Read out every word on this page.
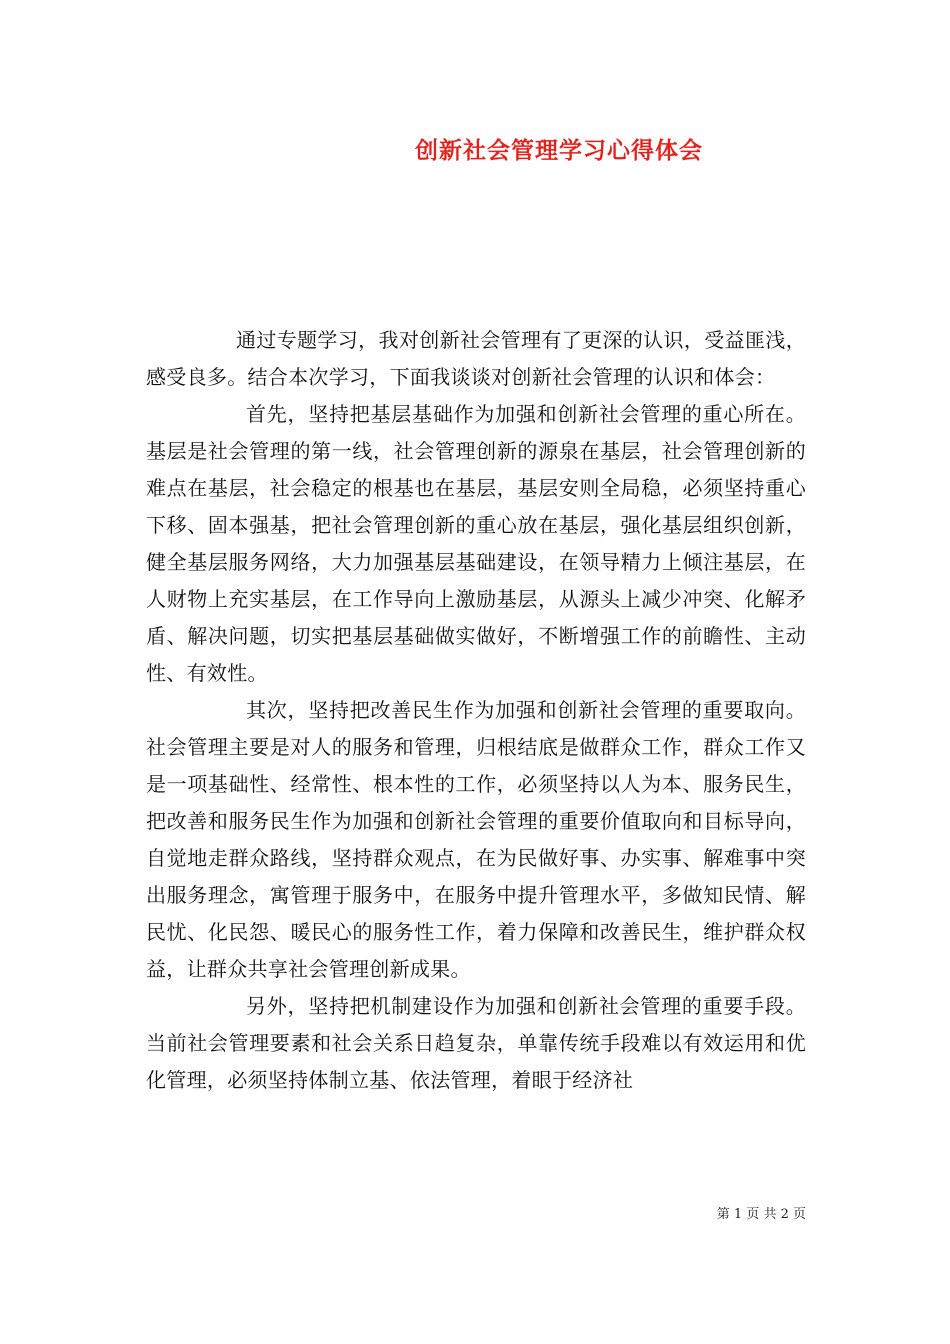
创新社会管理学习心得体会

通过专题学习，我对创新社会管理有了更深的认识，受益匪浅，感受良多。结合本次学习，下面我谈谈对创新社会管理的认识和体会：

首先，坚持把基层基础作为加强和创新社会管理的重心所在。基层是社会管理的第一线，社会管理创新的源泉在基层，社会管理创新的难点在基层，社会稳定的根基也在基层，基层安则全局稳，必须坚持重心下移、固本强基，把社会管理创新的重心放在基层，强化基层组织创新，健全基层服务网络，大力加强基层基础建设，在领导精力上倾注基层，在人财物上充实基层，在工作导向上激励基层，从源头上减少冲突、化解矛盾、解决问题，切实把基层基础做实做好，不断增强工作的前瞻性、主动性、有效性。

其次，坚持把改善民生作为加强和创新社会管理的重要取向。社会管理主要是对人的服务和管理，归根结底是做群众工作，群众工作又是一项基础性、经常性、根本性的工作，必须坚持以人为本、服务民生，把改善和服务民生作为加强和创新社会管理的重要价值取向和目标导向，自觉地走群众路线，坚持群众观点，在为民做好事、办实事、解难事中突出服务理念，寓管理于服务中，在服务中提升管理水平，多做知民情、解民忧、化民怨、暖民心的服务性工作，着力保障和改善民生，维护群众权益，让群众共享社会管理创新成果。

另外，坚持把机制建设作为加强和创新社会管理的重要手段。当前社会管理要素和社会关系日趋复杂，单靠传统手段难以有效运用和优化管理，必须坚持体制立基、依法管理，着眼于经济社

第 1 页 共 2 页
